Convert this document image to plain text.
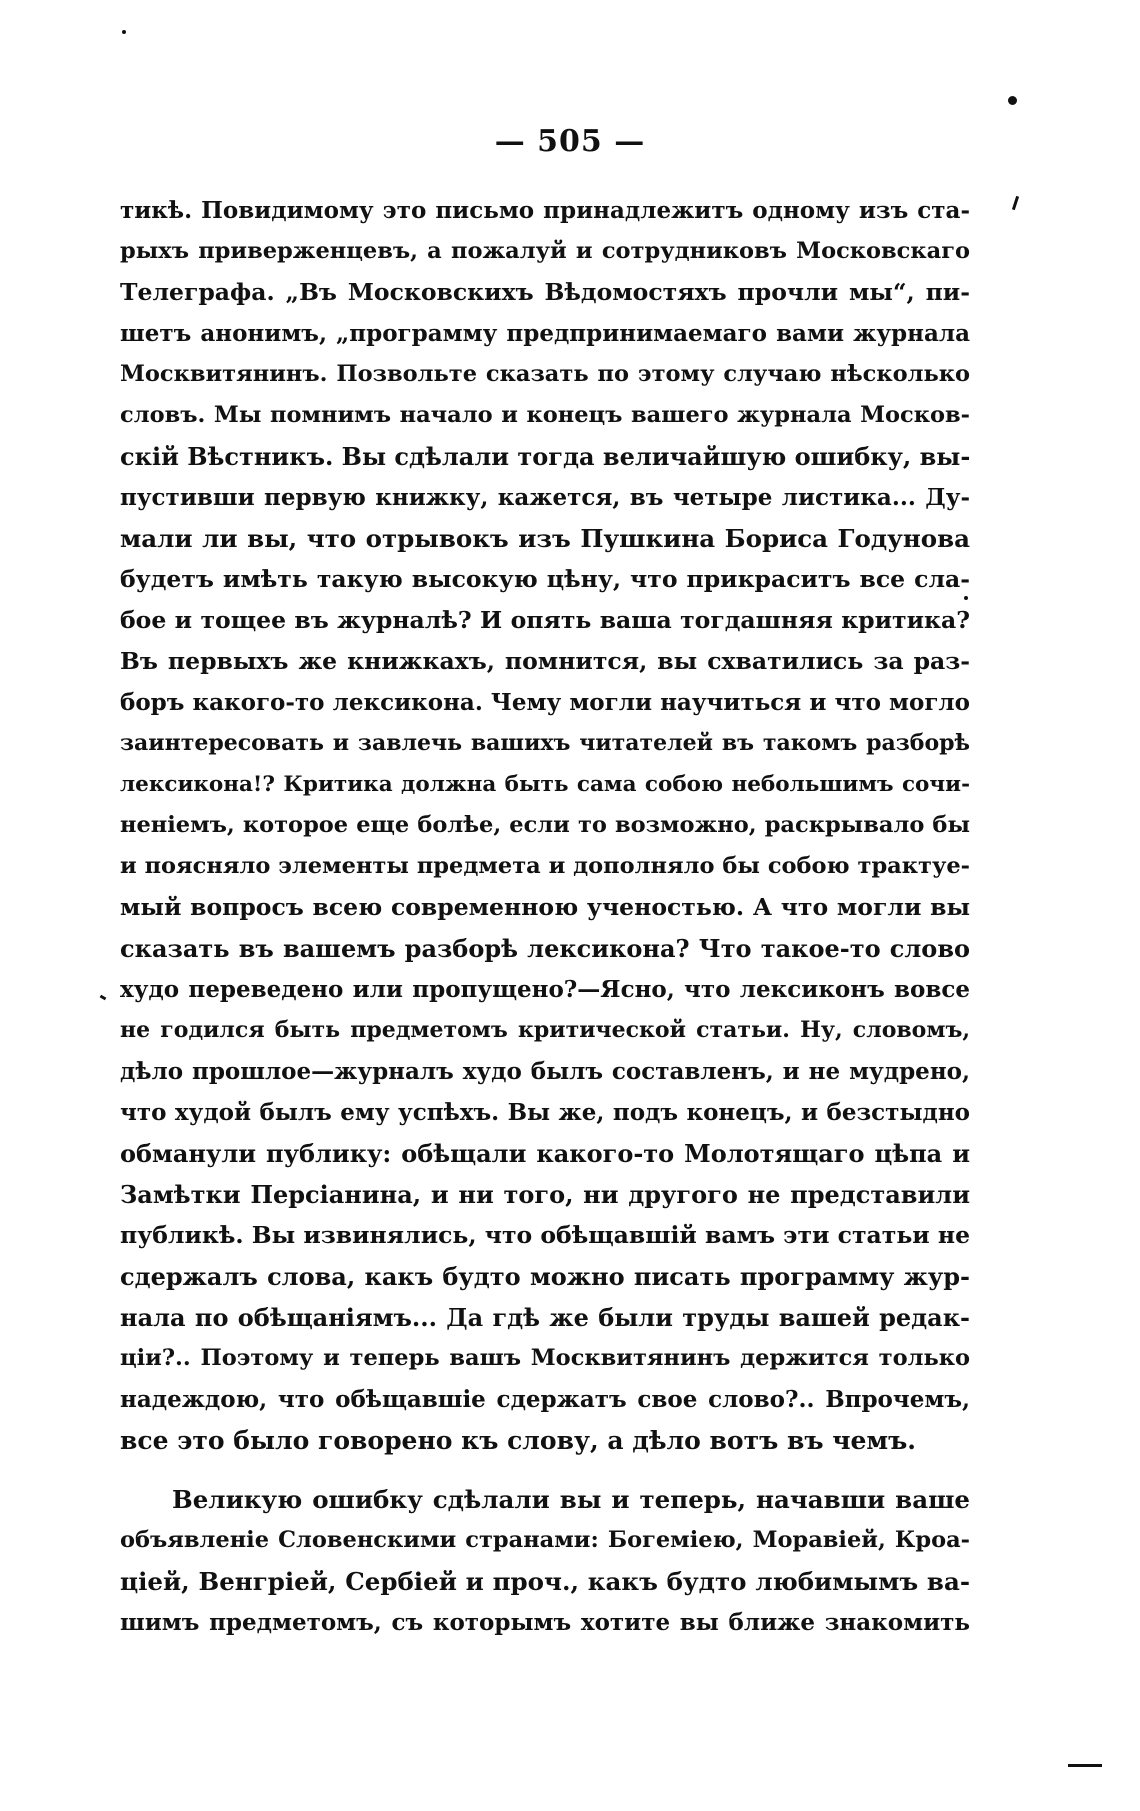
— 505 —
тикѣ. Повидимому это письмо принадлежитъ одному изъ ста-
рыхъ приверженцевъ, а пожалуй и сотрудниковъ Московскаго
Телеграфа. „Въ Московскихъ Вѣдомостяхъ прочли мы“, пи-
шетъ анонимъ, „программу предпринимаемаго вами журнала
Москвитянинъ. Позвольте сказать по этому случаю нѣсколько
словъ. Мы помнимъ начало и конецъ вашего журнала Москов-
скій Вѣстникъ. Вы сдѣлали тогда величайшую ошибку, вы-
пустивши первую книжку, кажется, въ четыре листика... Ду-
мали ли вы, что отрывокъ изъ Пушкина Бориса Годунова
будетъ имѣть такую высокую цѣну, что прикраситъ все сла-
бое и тощее въ журналѣ? И опять ваша тогдашняя критика?
Въ первыхъ же книжкахъ, помнится, вы схватились за раз-
боръ какого-то лексикона. Чему могли научиться и что могло
заинтересовать и завлечь вашихъ читателей въ такомъ разборѣ
лексикона!? Критика должна быть сама собою небольшимъ сочи-
неніемъ, которое еще болѣе, если то возможно, раскрывало бы
и поясняло элементы предмета и дополняло бы собою трактуе-
мый вопросъ всею современною ученостью. А что могли вы
сказать въ вашемъ разборѣ лексикона? Что такое-то слово
худо переведено или пропущено?—Ясно, что лексиконъ вовсе
не годился быть предметомъ критической статьи. Ну, словомъ,
дѣло прошлое—журналъ худо былъ составленъ, и не мудрено,
что худой былъ ему успѣхъ. Вы же, подъ конецъ, и безстыдно
обманули публику: обѣщали какого-то Молотящаго цѣпа и
Замѣтки Персіанина, и ни того, ни другого не представили
публикѣ. Вы извинялись, что обѣщавшій вамъ эти статьи не
сдержалъ слова, какъ будто можно писать программу жур-
нала по обѣщаніямъ... Да гдѣ же были труды вашей редак-
ціи?.. Поэтому и теперь вашъ Москвитянинъ держится только
надеждою, что обѣщавшіе сдержатъ свое слово?.. Впрочемъ,
все это было говорено къ слову, а дѣло вотъ въ чемъ.
Великую ошибку сдѣлали вы и теперь, начавши ваше
объявленіе Словенскими странами: Богеміею, Моравіей, Кроа-
ціей, Венгріей, Сербіей и проч., какъ будто любимымъ ва-
шимъ предметомъ, съ которымъ хотите вы ближе знакомить
